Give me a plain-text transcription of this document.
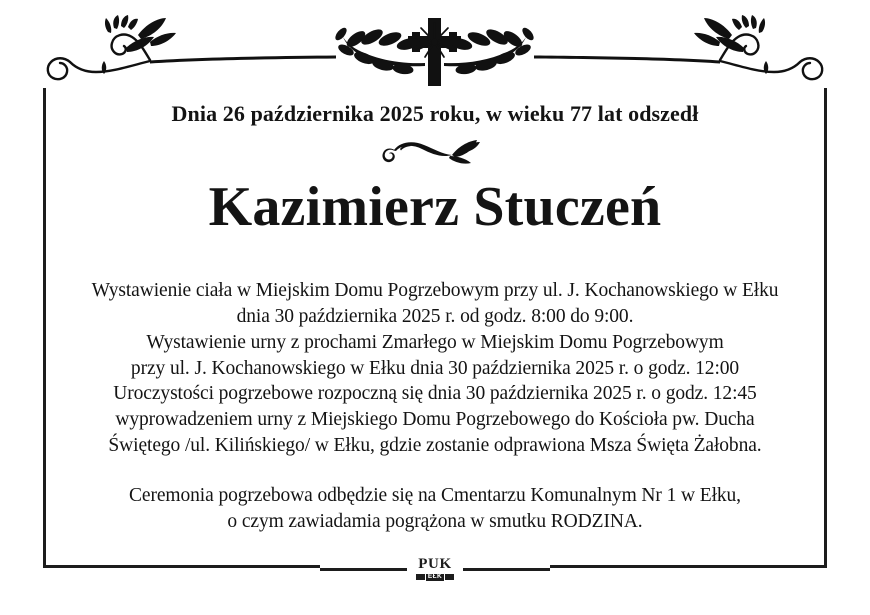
Dnia 26 października 2025 roku, w wieku 77 lat odszedł

Kazimierz Stuczeń
Wystawienie ciała w Miejskim Domu Pogrzebowym przy ul. J. Kochanowskiego w Ełku
dnia 30 października 2025 r. od godz. 8:00 do 9:00.
Wystawienie urny z prochami Zmarłego w Miejskim Domu Pogrzebowym
przy ul. J. Kochanowskiego w Ełku dnia 30 października 2025 r. o godz. 12:00
Uroczystości pogrzebowe rozpoczną się dnia 30 października 2025 r. o godz. 12:45
wyprowadzeniem urny z Miejskiego Domu Pogrzebowego do Kościoła pw. Ducha
Świętego /ul. Kilińskiego/ w Ełku, gdzie zostanie odprawiona Msza Święta Żałobna.
Ceremonia pogrzebowa odbędzie się na Cmentarzu Komunalnym Nr 1 w Ełku,
o czym zawiadamia pogrążona w smutku RODZINA.
PUK
EŁK
